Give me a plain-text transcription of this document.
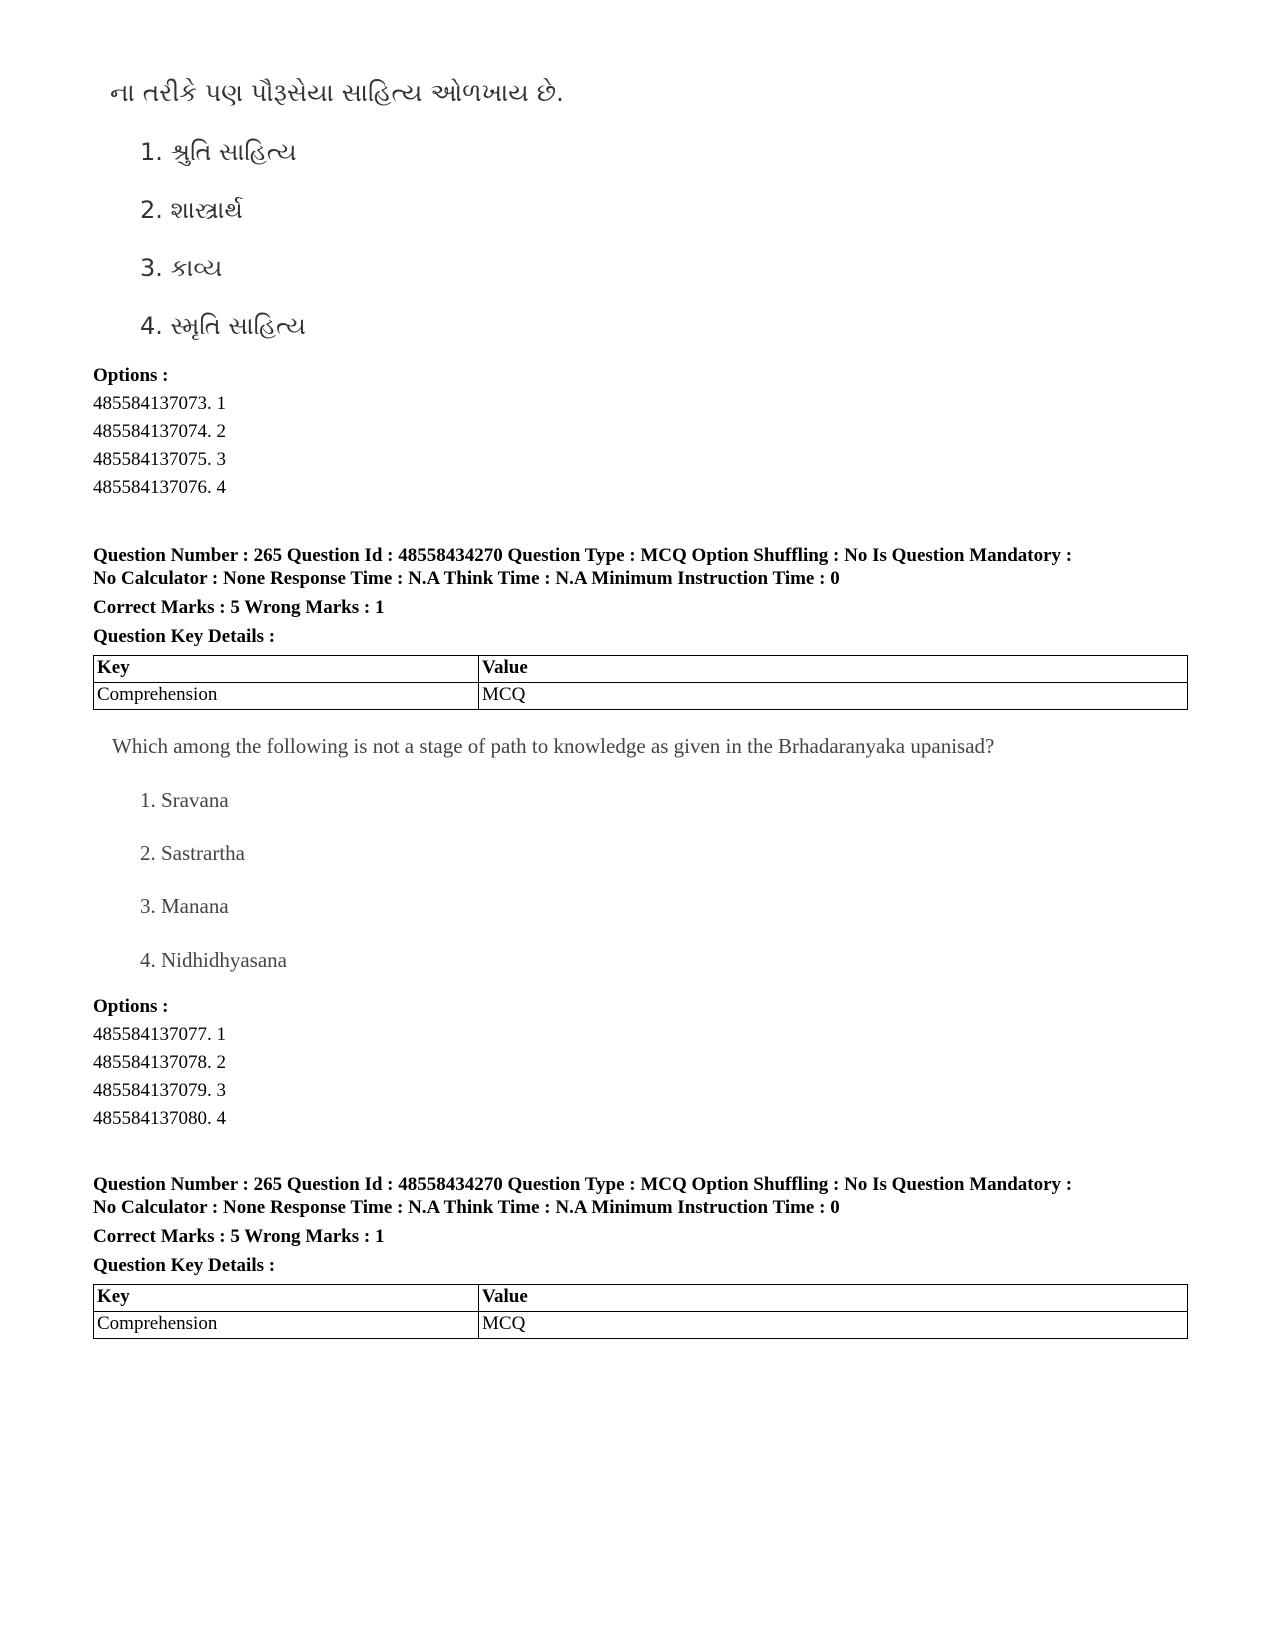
ના તરીકે પણ પૌરૂસેયા સાહિત્ય ઓળખાય છે.
1. શ્રુતિ સાહિત્ય
2. શાસ્ત્રાર્થ
3. કાવ્ય
4. સ્મૃતિ સાહિત્ય
Options :
485584137073. 1
485584137074. 2
485584137075. 3
485584137076. 4
Question Number : 265 Question Id : 48558434270 Question Type : MCQ Option Shuffling : No Is Question Mandatory :
No Calculator : None Response Time : N.A Think Time : N.A Minimum Instruction Time : 0
Correct Marks : 5 Wrong Marks : 1
Question Key Details :
Key	Value
Comprehension	MCQ
Which among the following is not a stage of path to knowledge as given in the Brhadaranyaka upanisad?
1. Sravana
2. Sastrartha
3. Manana
4. Nidhidhyasana
Options :
485584137077. 1
485584137078. 2
485584137079. 3
485584137080. 4
Question Number : 265 Question Id : 48558434270 Question Type : MCQ Option Shuffling : No Is Question Mandatory :
No Calculator : None Response Time : N.A Think Time : N.A Minimum Instruction Time : 0
Correct Marks : 5 Wrong Marks : 1
Question Key Details :
Key	Value
Comprehension	MCQ
